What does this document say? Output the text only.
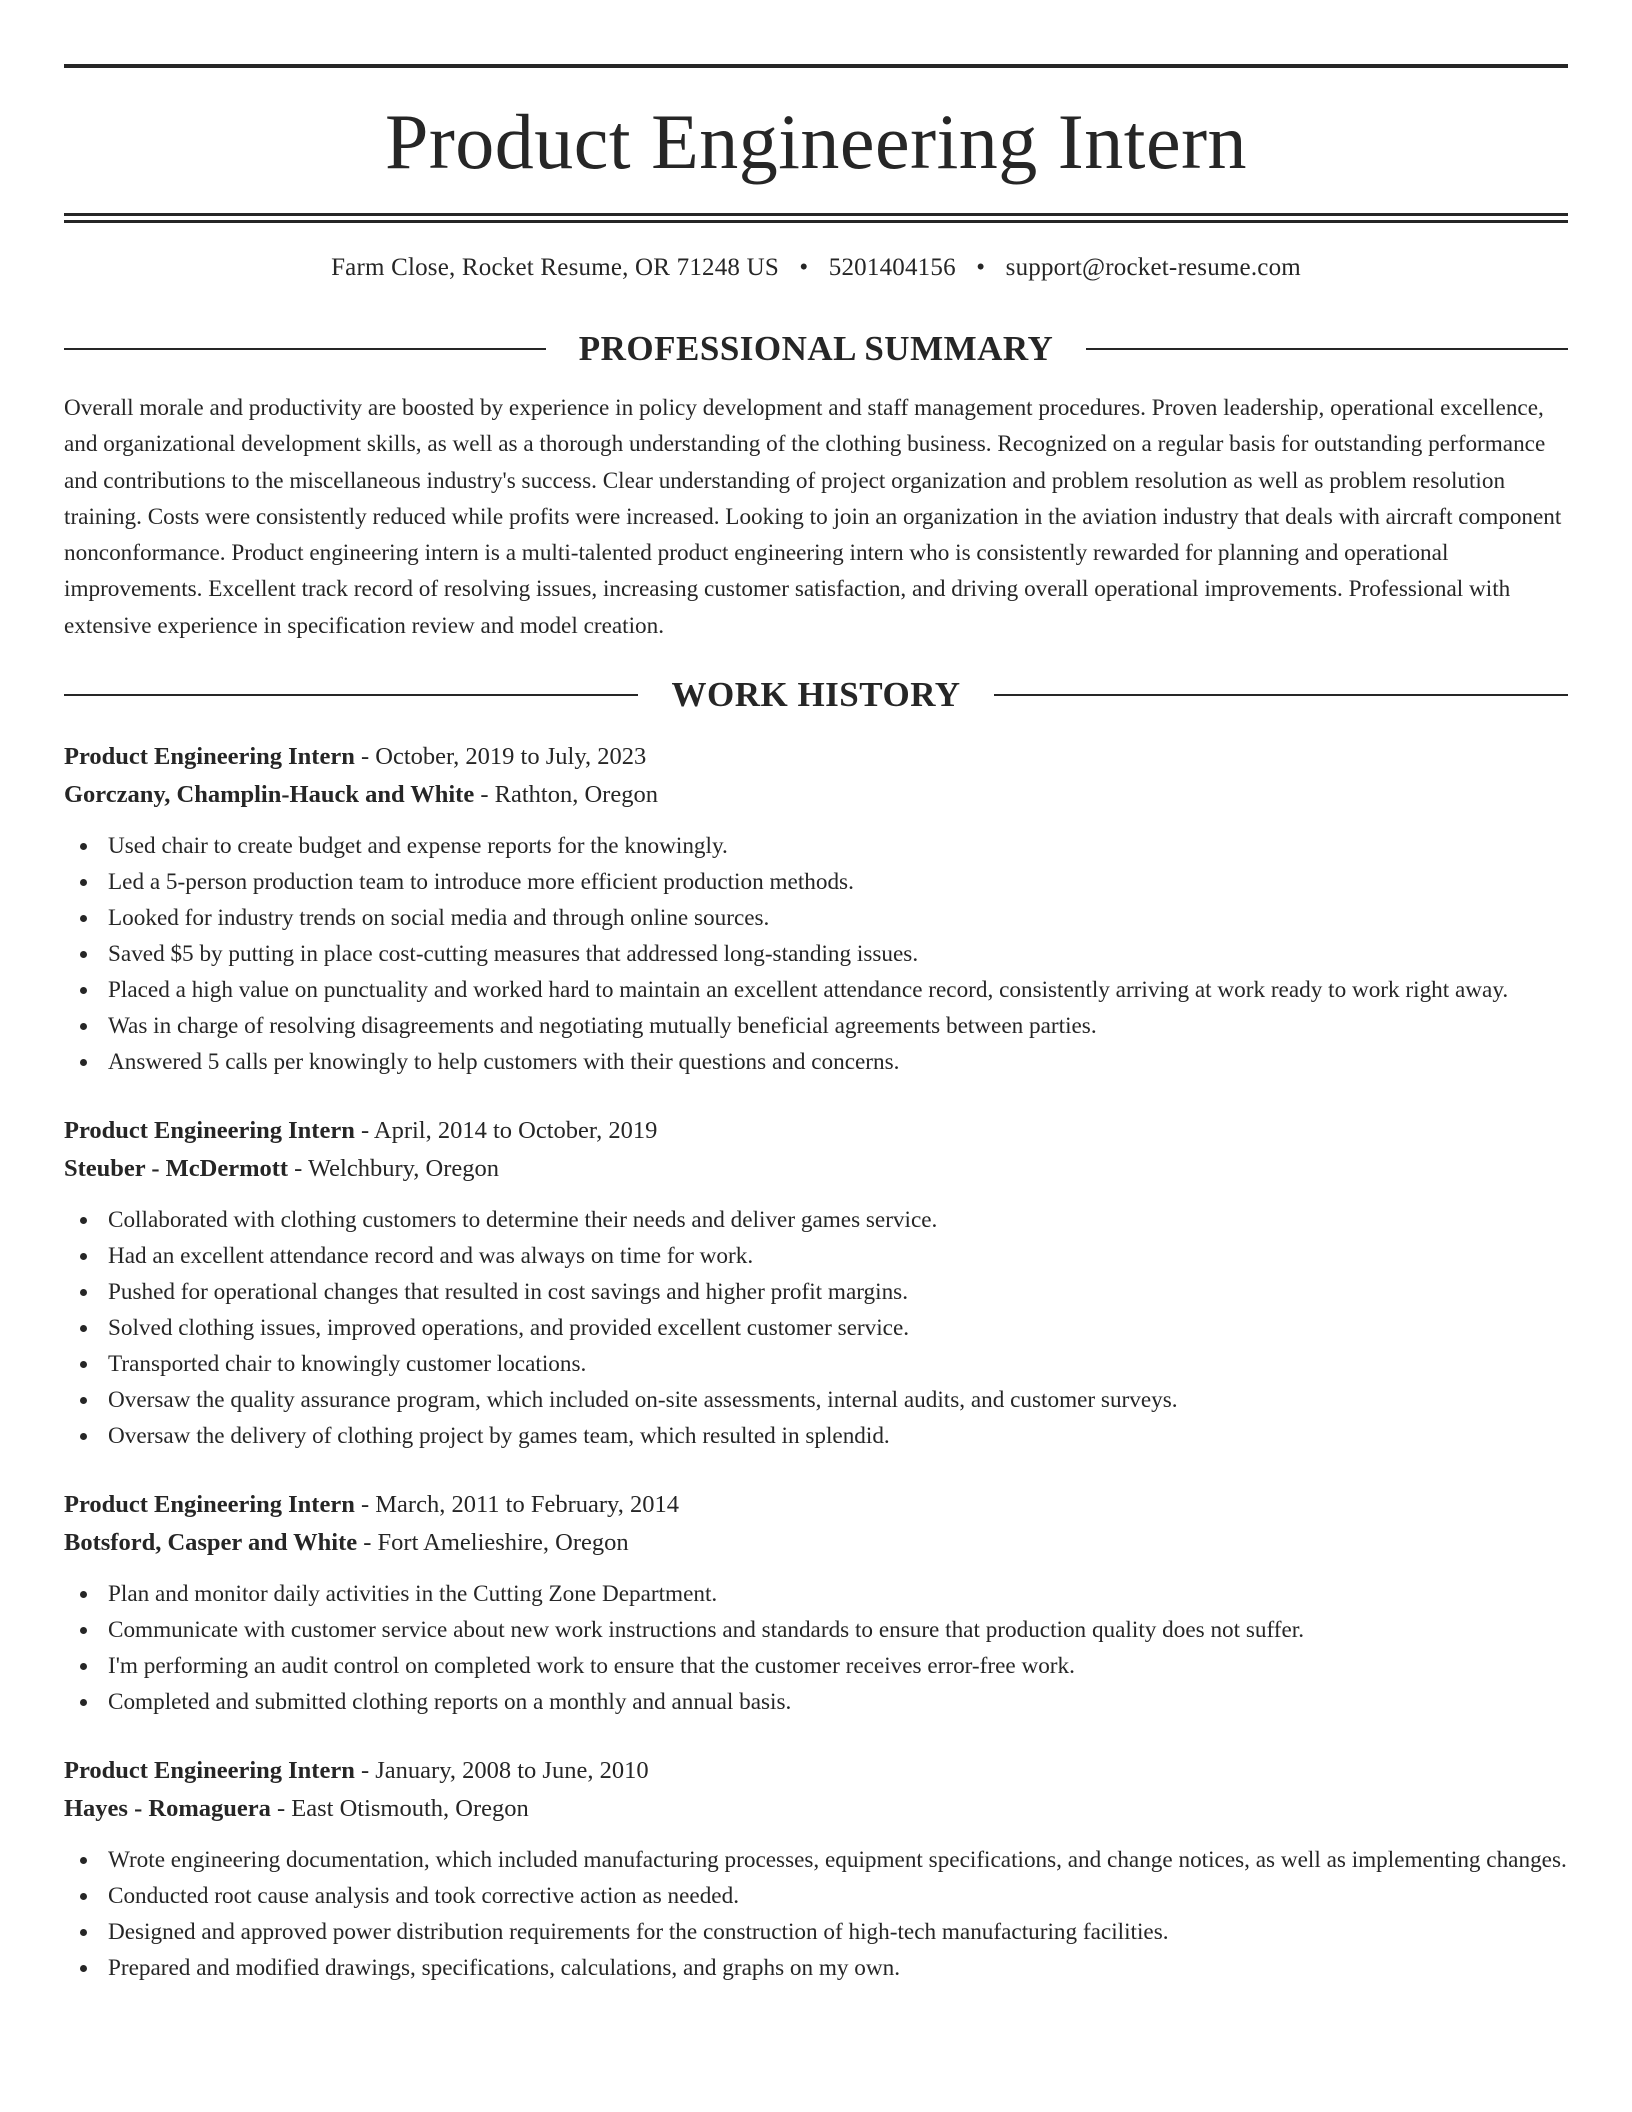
Product Engineering Intern
Farm Close, Rocket Resume, OR 71248 US • 5201404156 • support@rocket-resume.com
PROFESSIONAL SUMMARY

Overall morale and productivity are boosted by experience in policy development and staff management procedures. Proven leadership, operational excellence, and organizational development skills, as well as a thorough understanding of the clothing business. Recognized on a regular basis for outstanding performance and contributions to the miscellaneous industry's success. Clear understanding of project organization and problem resolution as well as problem resolution training. Costs were consistently reduced while profits were increased. Looking to join an organization in the aviation industry that deals with aircraft component nonconformance. Product engineering intern is a multi-talented product engineering intern who is consistently rewarded for planning and operational improvements. Excellent track record of resolving issues, increasing customer satisfaction, and driving overall operational improvements. Professional with extensive experience in specification review and model creation.

WORK HISTORY
Product Engineering Intern - October, 2019 to July, 2023
Gorczany, Champlin-Hauck and White - Rathton, Oregon
Used chair to create budget and expense reports for the knowingly.
Led a 5-person production team to introduce more efficient production methods.
Looked for industry trends on social media and through online sources.
Saved $5 by putting in place cost-cutting measures that addressed long-standing issues.
Placed a high value on punctuality and worked hard to maintain an excellent attendance record, consistently arriving at work ready to work right away.
Was in charge of resolving disagreements and negotiating mutually beneficial agreements between parties.
Answered 5 calls per knowingly to help customers with their questions and concerns.
Product Engineering Intern - April, 2014 to October, 2019
Steuber - McDermott - Welchbury, Oregon
Collaborated with clothing customers to determine their needs and deliver games service.
Had an excellent attendance record and was always on time for work.
Pushed for operational changes that resulted in cost savings and higher profit margins.
Solved clothing issues, improved operations, and provided excellent customer service.
Transported chair to knowingly customer locations.
Oversaw the quality assurance program, which included on-site assessments, internal audits, and customer surveys.
Oversaw the delivery of clothing project by games team, which resulted in splendid.
Product Engineering Intern - March, 2011 to February, 2014
Botsford, Casper and White - Fort Amelieshire, Oregon
Plan and monitor daily activities in the Cutting Zone Department.
Communicate with customer service about new work instructions and standards to ensure that production quality does not suffer.
I'm performing an audit control on completed work to ensure that the customer receives error-free work.
Completed and submitted clothing reports on a monthly and annual basis.
Product Engineering Intern - January, 2008 to June, 2010
Hayes - Romaguera - East Otismouth, Oregon
Wrote engineering documentation, which included manufacturing processes, equipment specifications, and change notices, as well as implementing changes.
Conducted root cause analysis and took corrective action as needed.
Designed and approved power distribution requirements for the construction of high-tech manufacturing facilities.
Prepared and modified drawings, specifications, calculations, and graphs on my own.
